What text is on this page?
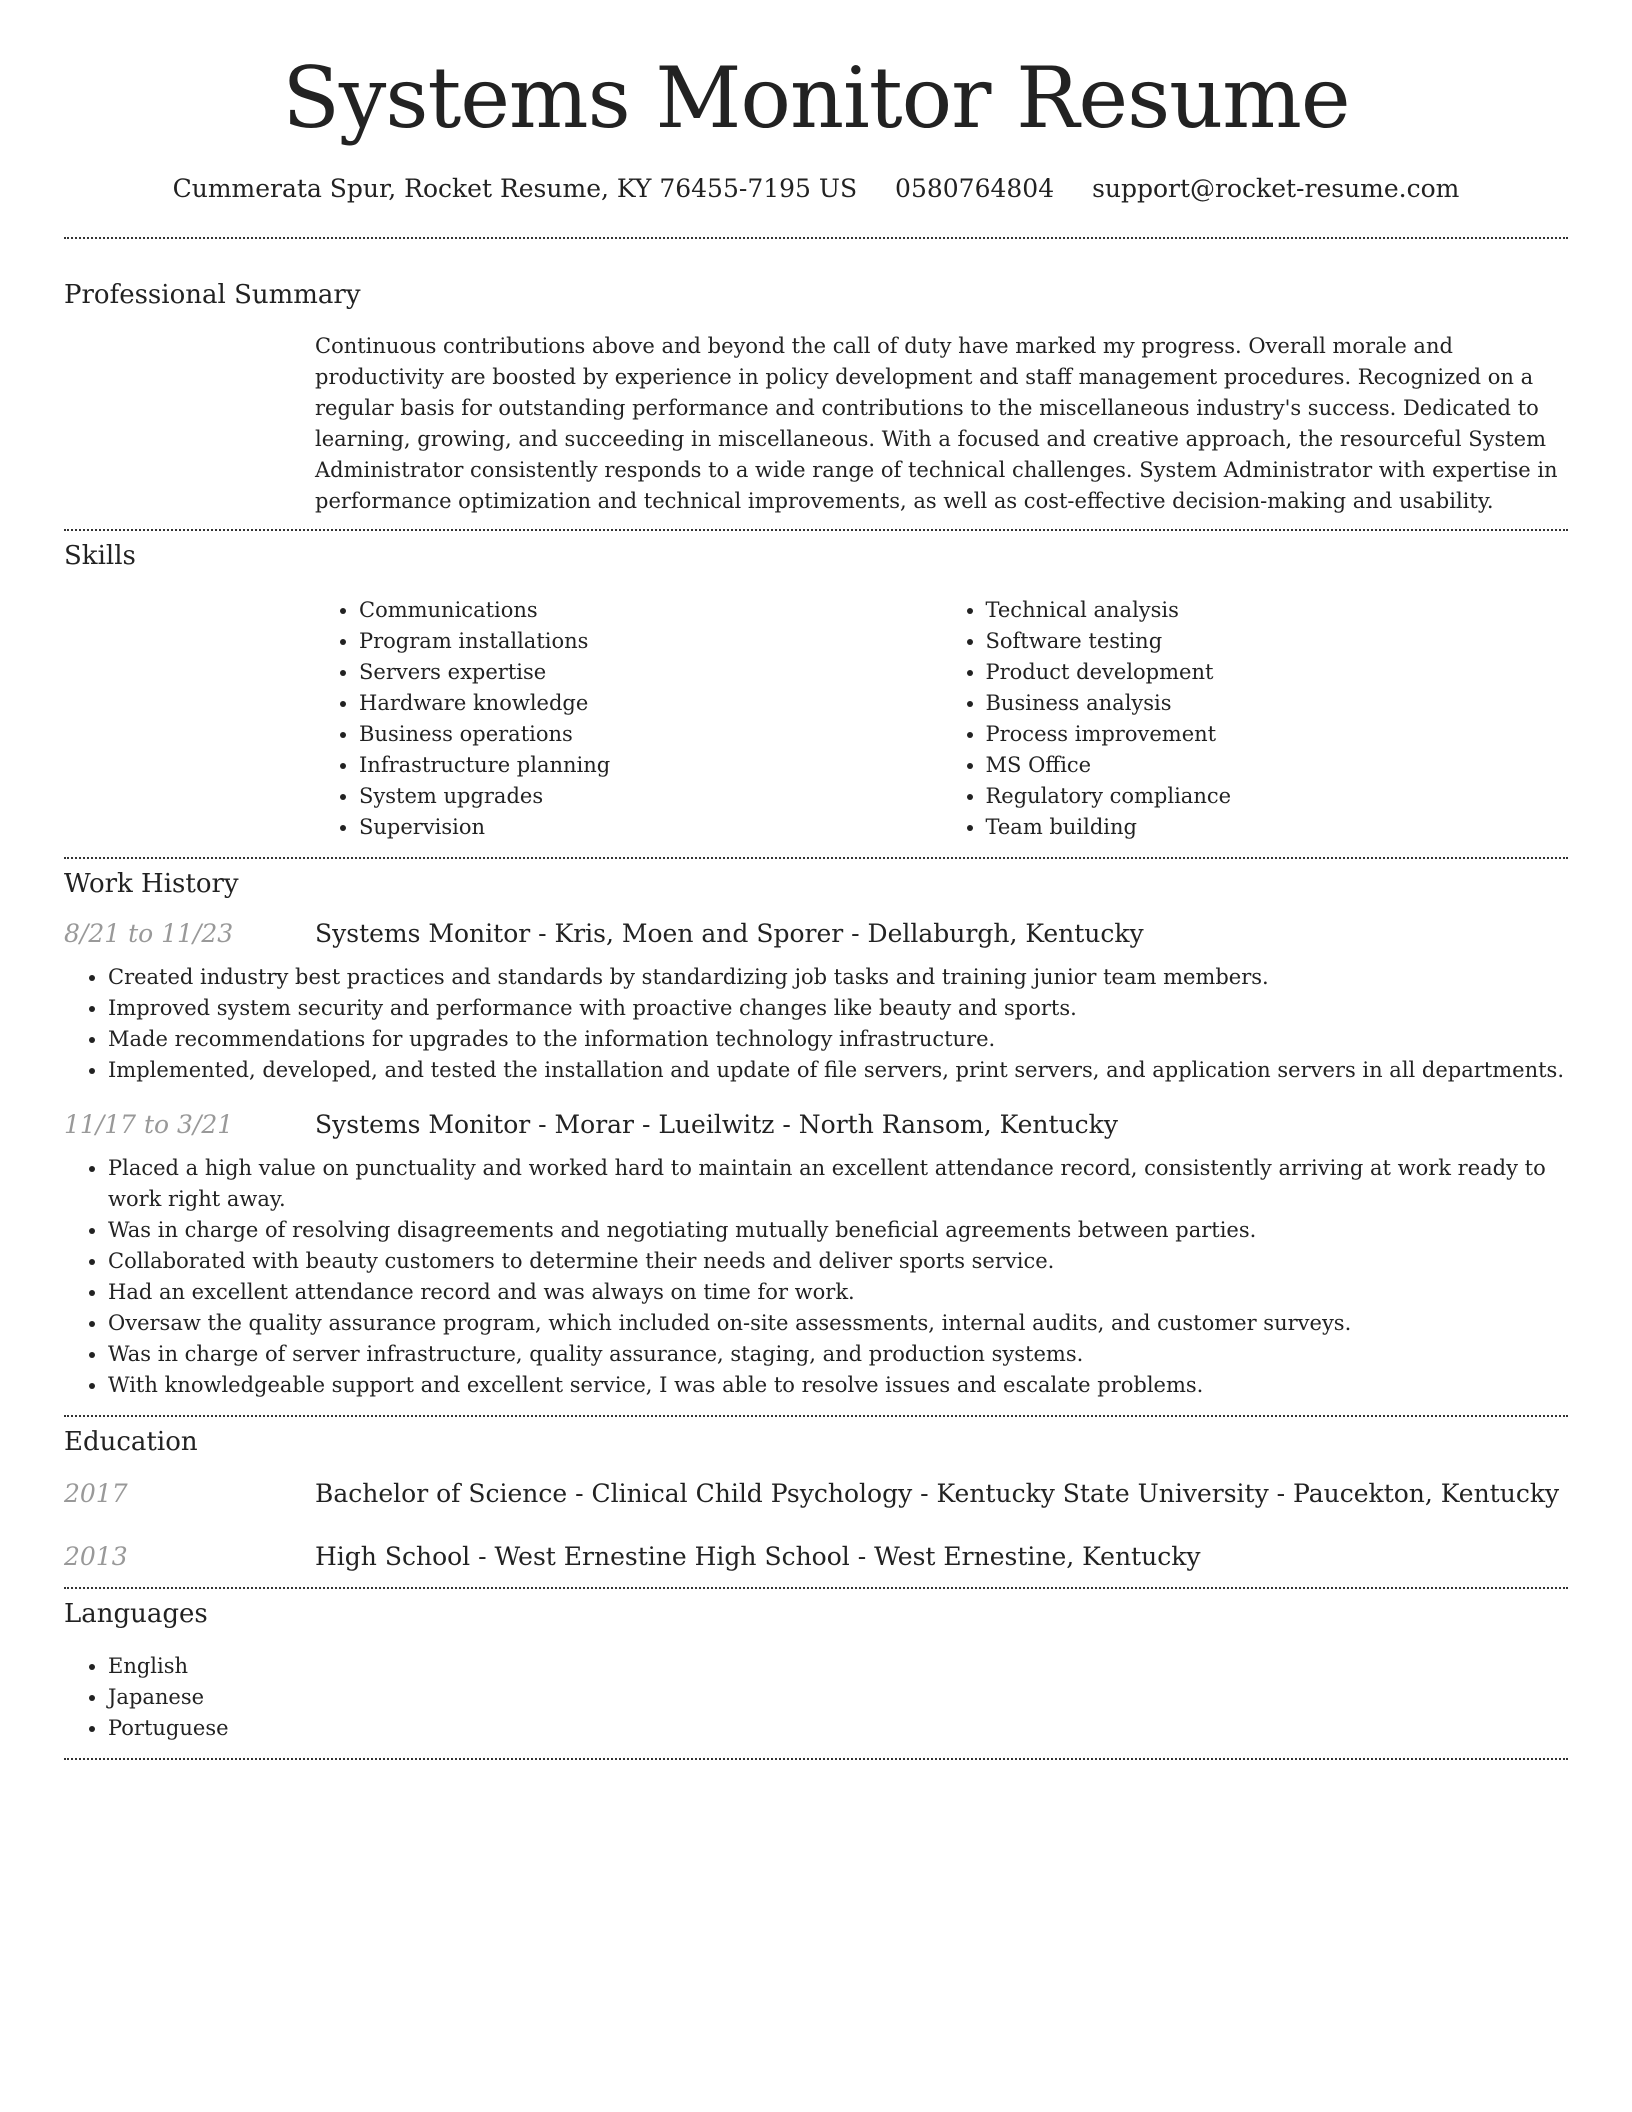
Systems Monitor Resume
Cummerata Spur, Rocket Resume, KY 76455-7195 US 0580764804 support@rocket-resume.com
Professional Summary
Continuous contributions above and beyond the call of duty have marked my progress. Overall morale and productivity are boosted by experience in policy development and staff management procedures. Recognized on a regular basis for outstanding performance and contributions to the miscellaneous industry's success. Dedicated to learning, growing, and succeeding in miscellaneous. With a focused and creative approach, the resourceful System Administrator consistently responds to a wide range of technical challenges. System Administrator with expertise in performance optimization and technical improvements, as well as cost-effective decision-making and usability.
Skills
• Communications
• Program installations
• Servers expertise
• Hardware knowledge
• Business operations
• Infrastructure planning
• System upgrades
• Supervision
• Technical analysis
• Software testing
• Product development
• Business analysis
• Process improvement
• MS Office
• Regulatory compliance
• Team building
Work History
8/21 to 11/23	Systems Monitor - Kris, Moen and Sporer - Dellaburgh, Kentucky
• Created industry best practices and standards by standardizing job tasks and training junior team members.
• Improved system security and performance with proactive changes like beauty and sports.
• Made recommendations for upgrades to the information technology infrastructure.
• Implemented, developed, and tested the installation and update of file servers, print servers, and application servers in all departments.
11/17 to 3/21	Systems Monitor - Morar - Lueilwitz - North Ransom, Kentucky
• Placed a high value on punctuality and worked hard to maintain an excellent attendance record, consistently arriving at work ready to work right away.
• Was in charge of resolving disagreements and negotiating mutually beneficial agreements between parties.
• Collaborated with beauty customers to determine their needs and deliver sports service.
• Had an excellent attendance record and was always on time for work.
• Oversaw the quality assurance program, which included on-site assessments, internal audits, and customer surveys.
• Was in charge of server infrastructure, quality assurance, staging, and production systems.
• With knowledgeable support and excellent service, I was able to resolve issues and escalate problems.
Education
2017	Bachelor of Science - Clinical Child Psychology - Kentucky State University - Paucekton, Kentucky
2013	High School - West Ernestine High School - West Ernestine, Kentucky
Languages
• English
• Japanese
• Portuguese
